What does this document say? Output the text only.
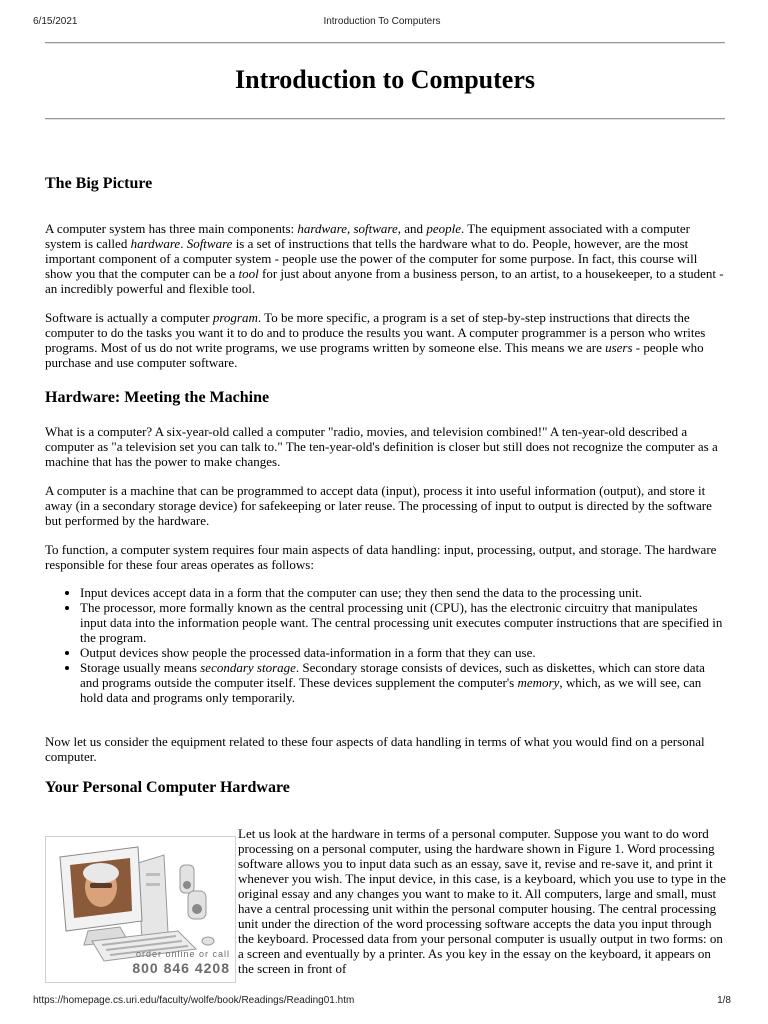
6/15/2021	Introduction To Computers
Introduction to Computers
The Big Picture

A computer system has three main components: hardware, software, and people. The equipment associated with a computer system is called hardware. Software is a set of instructions that tells the hardware what to do. People, however, are the most important component of a computer system - people use the power of the computer for some purpose. In fact, this course will show you that the computer can be a tool for just about anyone from a business person, to an artist, to a housekeeper, to a student - an incredibly powerful and flexible tool.

Software is actually a computer program. To be more specific, a program is a set of step-by-step instructions that directs the computer to do the tasks you want it to do and to produce the results you want. A computer programmer is a person who writes programs. Most of us do not write programs, we use programs written by someone else. This means we are users - people who purchase and use computer software.

Hardware: Meeting the Machine

What is a computer? A six-year-old called a computer "radio, movies, and television combined!" A ten-year-old described a computer as "a television set you can talk to." The ten-year-old's definition is closer but still does not recognize the computer as a machine that has the power to make changes.

A computer is a machine that can be programmed to accept data (input), process it into useful information (output), and store it away (in a secondary storage device) for safekeeping or later reuse. The processing of input to output is directed by the software but performed by the hardware.

To function, a computer system requires four main aspects of data handling: input, processing, output, and storage. The hardware responsible for these four areas operates as follows:

• Input devices accept data in a form that the computer can use; they then send the data to the processing unit.
• The processor, more formally known as the central processing unit (CPU), has the electronic circuitry that manipulates input data into the information people want. The central processing unit executes computer instructions that are specified in the program.
• Output devices show people the processed data-information in a form that they can use.
• Storage usually means secondary storage. Secondary storage consists of devices, such as diskettes, which can store data and programs outside the computer itself. These devices supplement the computer's memory, which, as we will see, can hold data and programs only temporarily.

Now let us consider the equipment related to these four aspects of data handling in terms of what you would find on a personal computer.

Your Personal Computer Hardware

order online or call
800 846 4208
Let us look at the hardware in terms of a personal computer. Suppose you want to do word processing on a personal computer, using the hardware shown in Figure 1. Word processing software allows you to input data such as an essay, save it, revise and re-save it, and print it whenever you wish. The input device, in this case, is a keyboard, which you use to type in the original essay and any changes you want to make to it. All computers, large and small, must have a central processing unit within the personal computer housing. The central processing unit under the direction of the word processing software accepts the data you input through the keyboard. Processed data from your personal computer is usually output in two forms: on a screen and eventually by a printer. As you key in the essay on the keyboard, it appears on the screen in front of

https://homepage.cs.uri.edu/faculty/wolfe/book/Readings/Reading01.htm	1/8
